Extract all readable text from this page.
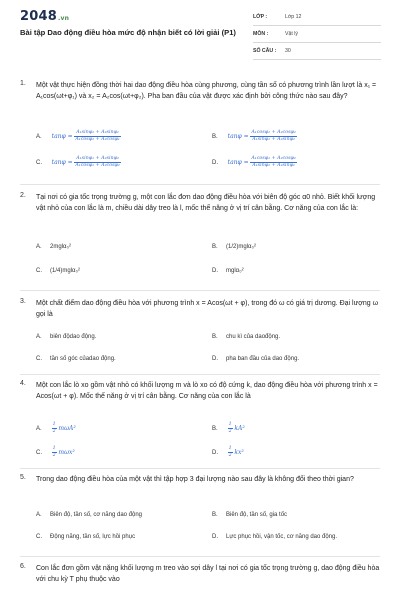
2048.vn
Bài tập Dao động điều hòa mức độ nhận biết có lời giải (P1)
LỚP :	Lớp 12
MÔN :	Vật lý
SỐ CÂU : 30
1. Một vật thực hiện đồng thời hai dao động điều hòa cùng phương, cùng tần số có phương trình lần lượt là x₁ = A₁cos(ωt+φ₁) và x₂ = A₂cos(ωt+φ₂). Pha ban đầu của vật được xác định bởi công thức nào sau đây?
A. $\tan\varphi = \frac{\text{A₁sinφ₂ + A₂sinφ₁}}{\text{A₁cosφ₂ + A₂cosφ₁}}$	B. $\tan\varphi = \frac{\text{A₁cosφ₁ + A₂cosφ₂}}{\text{A₁sinφ₁ + A₂sinφ₂}}$
C. $\tan\varphi = \frac{\text{A₁sinφ₁ + A₂sinφ₂}}{\text{A₁cosφ₁ + A₂cosφ₂}}$	D. $\tan\varphi = \frac{\text{A₁cosφ₁ + A₂cosφ₂}}{\text{A₁sinφ₂ + A₂sinφ₁}}$
2. Tại nơi có gia tốc trọng trường g, một con lắc đơn dao động điều hòa với biên độ góc α0 nhỏ. Biết khối lượng vật nhỏ của con lắc là m, chiều dài dây treo là l, mốc thế năng ở vị trí cân bằng. Cơ năng của con lắc là:
A. 2mglα₀²	B. (1/2)mglα₀²
C. (1/4)mglα₀²	D. mglα₀²
3. Một chất điểm dao động điều hòa với phương trình x = Acos(ωt + φ), trong đó ω có giá trị dương. Đại lượng ω gọi là
A. biên độdao động.	B. chu kì của daođộng.
C. tần số góc củadao động.	D. pha ban đầu của dao động.
4. Một con lắc lò xo gồm vật nhỏ có khối lượng m và lò xo có độ cứng k, dao động điều hòa với phương trình x = Acos(ωt + φ). Mốc thế năng ở vị trí cân bằng. Cơ năng của con lắc là
A. $\frac{1}{2} m\omega A^2$	B. $\frac{1}{2} kA^2$
C. $\frac{1}{2} m\omega x^2$	D. $\frac{1}{2} kx^2$
5. Trong dao động điều hòa của một vật thì tập hợp 3 đại lượng nào sau đây là không đổi theo thời gian?
A. Biên độ, tần số, cơ năng dao động	B. Biên độ, tần số, gia tốc
C. Động năng, tần số, lực hồi phục	D. Lực phục hồi, vận tốc, cơ năng dao động.
6. Con lắc đơn gồm vật nặng khối lượng m treo vào sợi dây l tại nơi có gia tốc trọng trường g, dao động điều hòa với chu kỳ T phụ thuộc vào
